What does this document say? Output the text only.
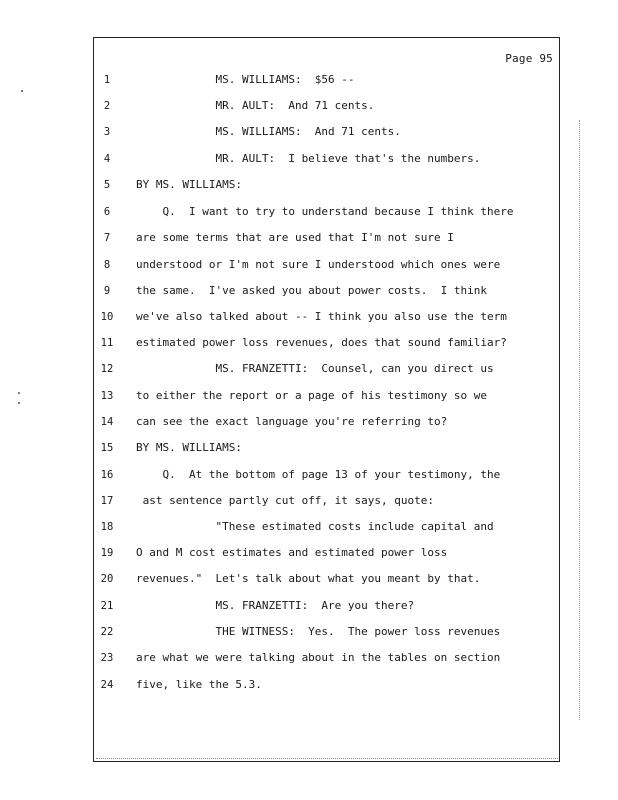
Page 95
1	MS. WILLIAMS:  $56 --
2	MR. AULT:  And 71 cents.
3	MS. WILLIAMS:  And 71 cents.
4	MR. AULT:  I believe that's the numbers.
5	BY MS. WILLIAMS:
6	Q.  I want to try to understand because I think there
7	are some terms that are used that I'm not sure I
8	understood or I'm not sure I understood which ones were
9	the same.  I've asked you about power costs.  I think
10	we've also talked about -- I think you also use the term
11	estimated power loss revenues, does that sound familiar?
12	MS. FRANZETTI:  Counsel, can you direct us
13	to either the report or a page of his testimony so we
14	can see the exact language you're referring to?
15	BY MS. WILLIAMS:
16	Q.  At the bottom of page 13 of your testimony, the
17	ast sentence partly cut off, it says, quote:
18	"These estimated costs include capital and
19	O and M cost estimates and estimated power loss
20	revenues."  Let's talk about what you meant by that.
21	MS. FRANZETTI:  Are you there?
22	THE WITNESS:  Yes.  The power loss revenues
23	are what we were talking about in the tables on section
24	five, like the 5.3.
